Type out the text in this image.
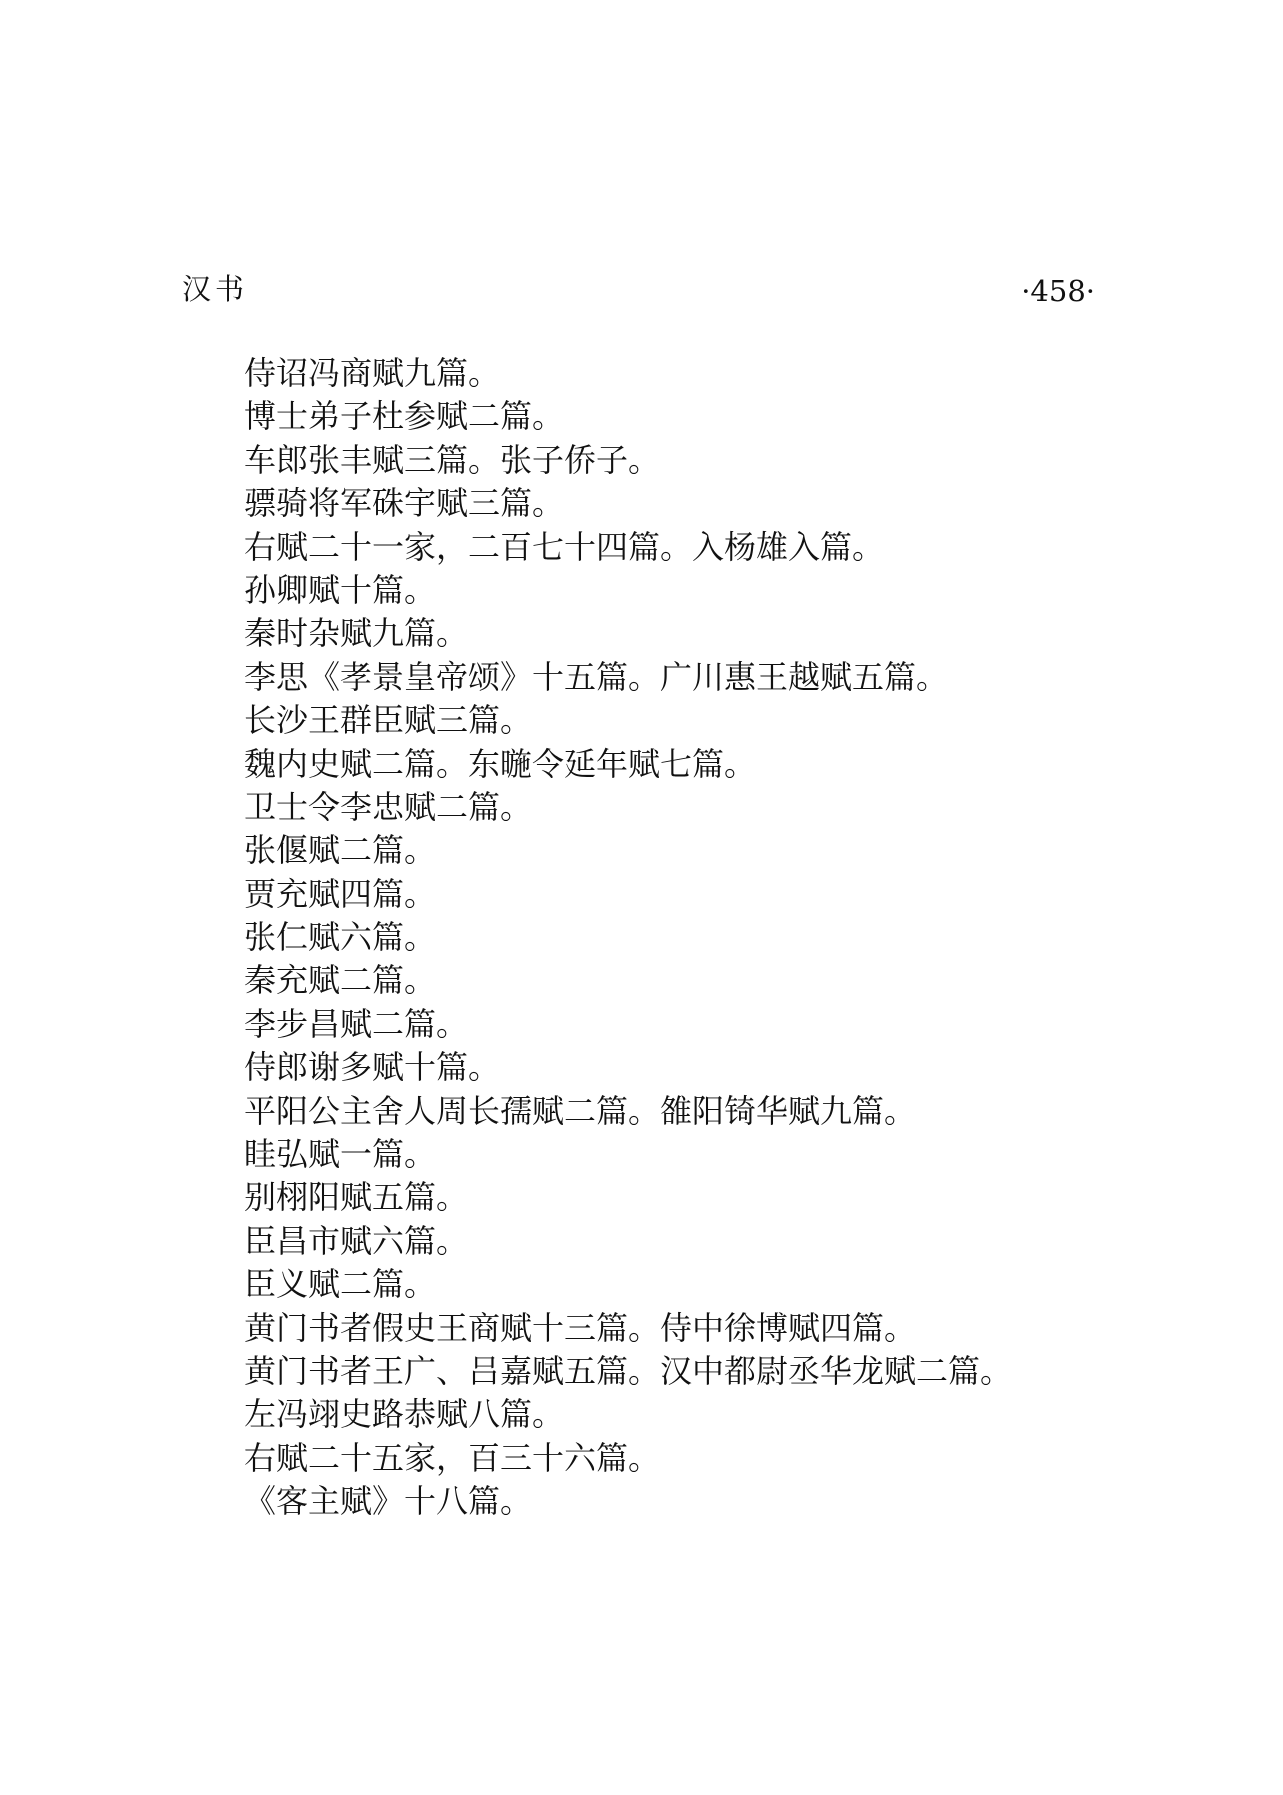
汉书	·458·
侍诏冯商赋九篇。
博士弟子杜参赋二篇。
车郎张丰赋三篇。张子侨子。
骠骑将军硃宇赋三篇。
右赋二十一家，二百七十四篇。入杨雄入篇。
孙卿赋十篇。
秦时杂赋九篇。
李思《孝景皇帝颂》十五篇。广川惠王越赋五篇。
长沙王群臣赋三篇。
魏内史赋二篇。东暆令延年赋七篇。
卫士令李忠赋二篇。
张偃赋二篇。
贾充赋四篇。
张仁赋六篇。
秦充赋二篇。
李步昌赋二篇。
侍郎谢多赋十篇。
平阳公主舍人周长孺赋二篇。雒阳锜华赋九篇。
眭弘赋一篇。
别栩阳赋五篇。
臣昌市赋六篇。
臣义赋二篇。
黄门书者假史王商赋十三篇。侍中徐博赋四篇。
黄门书者王广、吕嘉赋五篇。汉中都尉丞华龙赋二篇。
左冯翊史路恭赋八篇。
右赋二十五家，百三十六篇。
《客主赋》十八篇。
